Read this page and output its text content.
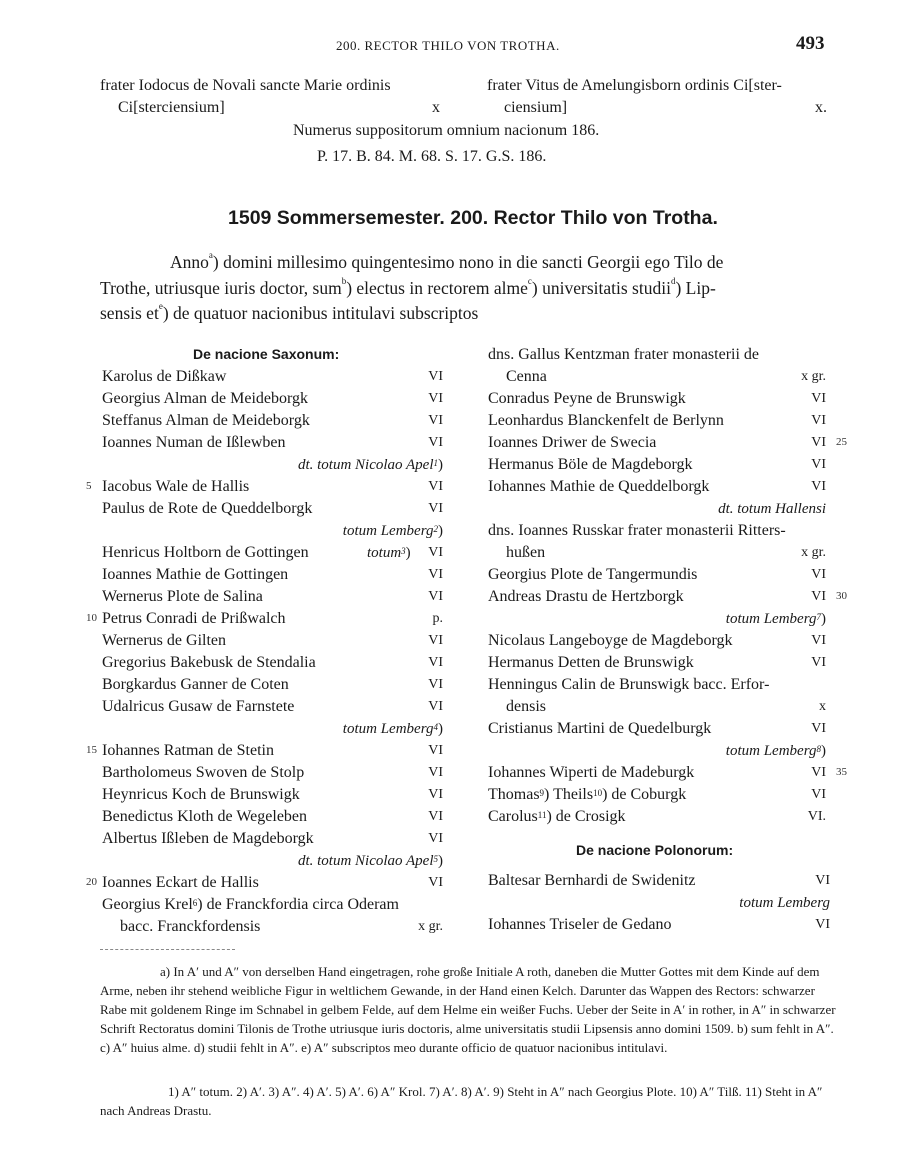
200. RECTOR THILO VON TROTHA.	493
frater Iodocus de Novali sancte Marie ordinis
Ci[sterciensium]	x
frater Vitus de Amelungisborn ordinis Ci[ster-
ciensium]	x.
Numerus suppositorum omnium nacionum 186.
P. 17. B. 84. M. 68. S. 17. G.S. 186.
1509 Sommersemester. 200. Rector Thilo von Trotha.
Anno$^a$) domini millesimo quingentesimo nono in die sancti Georgii ego Tilo de
Trothe, utriusque iuris doctor, sum$^b$) electus in rectorem alme$^c$) universitatis studii$^d$) Lip-
sensis $et^e$) de quatuor nacionibus intitulavi subscriptos
De nacione Saxonum:
Karolus de Dißkaw	VI
Georgius Alman de Meideborgk	VI
Steffanus Alman de Meideborgk	VI
Ioannes Numan de Ißlewben	VI
dt. totum Nicolao Apel$^1$)
5 Iacobus Wale de Hallis	VI
Paulus de Rote de Queddelborgk	VI
totum Lemberg$^2$)
Henricus Holtborn de Gottingen	totum$^3$) VI
Ioannes Mathie de Gottingen	VI
Wernerus Plote de Salina	VI
10 Petrus Conradi de Prißwalch	p.
Wernerus de Gilten	VI
Gregorius Bakebusk de Stendalia	VI
Borgkardus Ganner de Coten	VI
Udalricus Gusaw de Farnstete	VI
totum Lemberg$^4$)
15 Iohannes Ratman de Stetin	VI
Bartholomeus Swoven de Stolp	VI
Heynricus Koch de Brunswigk	VI
Benedictus Kloth de Wegeleben	VI
Albertus Ißleben de Magdeborgk	VI
dt. totum Nicolao Apel$^5$)
20 Ioannes Eckart de Hallis	VI
Georgius Krel$^6$) de Franckfordia circa Oderam
bacc. Franckfordensis	x gr.
dns. Gallus Kentzman frater monasterii de
Cenna	x gr.
Conradus Peyne de Brunswigk	VI
Leonhardus Blanckenfelt de Berlynn	VI
25
Ioannes Driwer de Swecia	VI
Hermanus Böle de Magdeborgk	VI
Iohannes Mathie de Queddelborgk	VI
dt. totum Hallensi
dns. Ioannes Russkar frater monasterii Ritters-
hußen	x gr.
Georgius Plote de Tangermundis	VI
30
Andreas Drastu de Hertzborgk	VI
totum Lemberg$^7$)
Nicolaus Langeboyge de Magdeborgk	VI
Hermanus Detten de Brunswigk	VI
Henningus Calin de Brunswigk bacc. Erfor-
densis	x
Cristianus Martini de Quedelburgk	VI
totum Lemberg$^8$)
35
Iohannes Wiperti de Madeburgk	VI
Thomas$^9$) Theils$^{10}$) de Coburgk	VI
Carolus$^{11}$) de Crosigk	VI.
De nacione Polonorum:
Baltesar Bernhardi de Swidenitz	VI
totum Lemberg
Iohannes Triseler de Gedano	VI
a) In A′ und A″ von derselben Hand eingetragen, rohe große Initiale A roth, daneben die Mutter Gottes mit dem Kinde auf dem Arme, neben ihr stehend weibliche Figur in weltlichem Gewande, in der Hand einen Kelch. Darunter das Wappen des Rectors: schwarzer Rabe mit goldenem Ringe im Schnabel in gelbem Felde, auf dem Helme ein weißer Fuchs. Ueber der Seite in A′ in rother, in A″ in schwarzer Schrift Rectoratus domini Tilonis de Trothe utriusque iuris doctoris, alme universitatis studii Lipsensis anno domini 1509. b) sum fehlt in A″. c) A″ huius alme. d) studii fehlt in A″. e) A″ subscriptos meo durante officio de quatuor nacionibus intitulavi.
1) A″ totum. 2) A′. 3) A″. 4) A′. 5) A′. 6) A″ Krol. 7) A′. 8) A′. 9) Steht in A″ nach Georgius Plote. 10) A″ Tilß. 11) Steht in A″ nach Andreas Drastu.
